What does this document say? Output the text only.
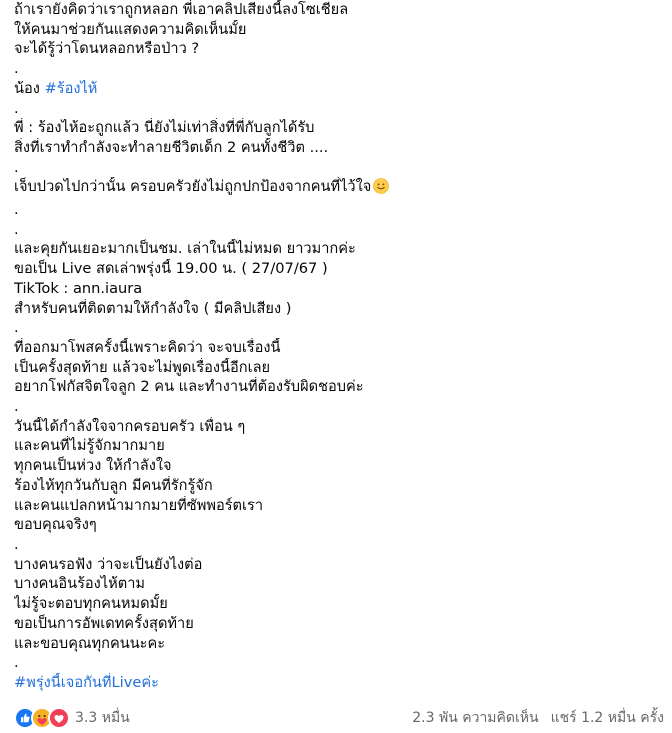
ถ้าเรายังคิดว่าเราถูกหลอก พี่เอาคลิปเสียงนี้ลงโซเชียล
ให้คนมาช่วยกันแสดงความคิดเห็นมั้ย
จะได้รู้ว่าโดนหลอกหรือป่าว ?
.
น้อง #ร้องไห้
.
พี่ : ร้องไห้อะถูกแล้ว นี่ยังไม่เท่าสิ่งที่พี่กับลูกได้รับ
สิ่งที่เราทำกำลังจะทำลายชีวิตเด็ก 2 คนทั้งชีวิต ....
.
เจ็บปวดไปกว่านั้น ครอบครัวยังไม่ถูกปกป้องจากคนที่ไว้ใจ
.
.
และคุยกันเยอะมากเป็นชม. เล่าในนี้ไม่หมด ยาวมากค่ะ
ขอเป็น Live สดเล่าพรุ่งนี้ 19.00 น. ( 27/07/67 )
TikTok : ann.iaura
สำหรับคนที่ติดตามให้กำลังใจ ( มีคลิปเสียง )
.
ที่ออกมาโพสครั้งนี้เพราะคิดว่า จะจบเรื่องนี้
เป็นครั้งสุดท้าย แล้วจะไม่พูดเรื่องนี้อีกเลย
อยากโฟกัสจิตใจลูก 2 คน และทำงานที่ต้องรับผิดชอบค่ะ
.
วันนี้ได้กำลังใจจากครอบครัว เพื่อน ๆ
และคนที่ไม่รู้จักมากมาย
ทุกคนเป็นห่วง ให้กำลังใจ
ร้องไห้ทุกวันกับลูก มีคนที่รักรู้จัก
และคนแปลกหน้ามากมายที่ซัพพอร์ตเรา
ขอบคุณจริงๆ
.
บางคนรอฟัง ว่าจะเป็นยังไงต่อ
บางคนอินร้องไห้ตาม
ไม่รู้จะตอบทุกคนหมดมั้ย
ขอเป็นการอัพเดทครั้งสุดท้าย
และขอบคุณทุกคนนะคะ
.
#พรุ่งนี้เจอกันที่Liveค่ะ
3.3 หมื่น	2.3 พัน ความคิดเห็น แชร์ 1.2 หมื่น ครั้ง
